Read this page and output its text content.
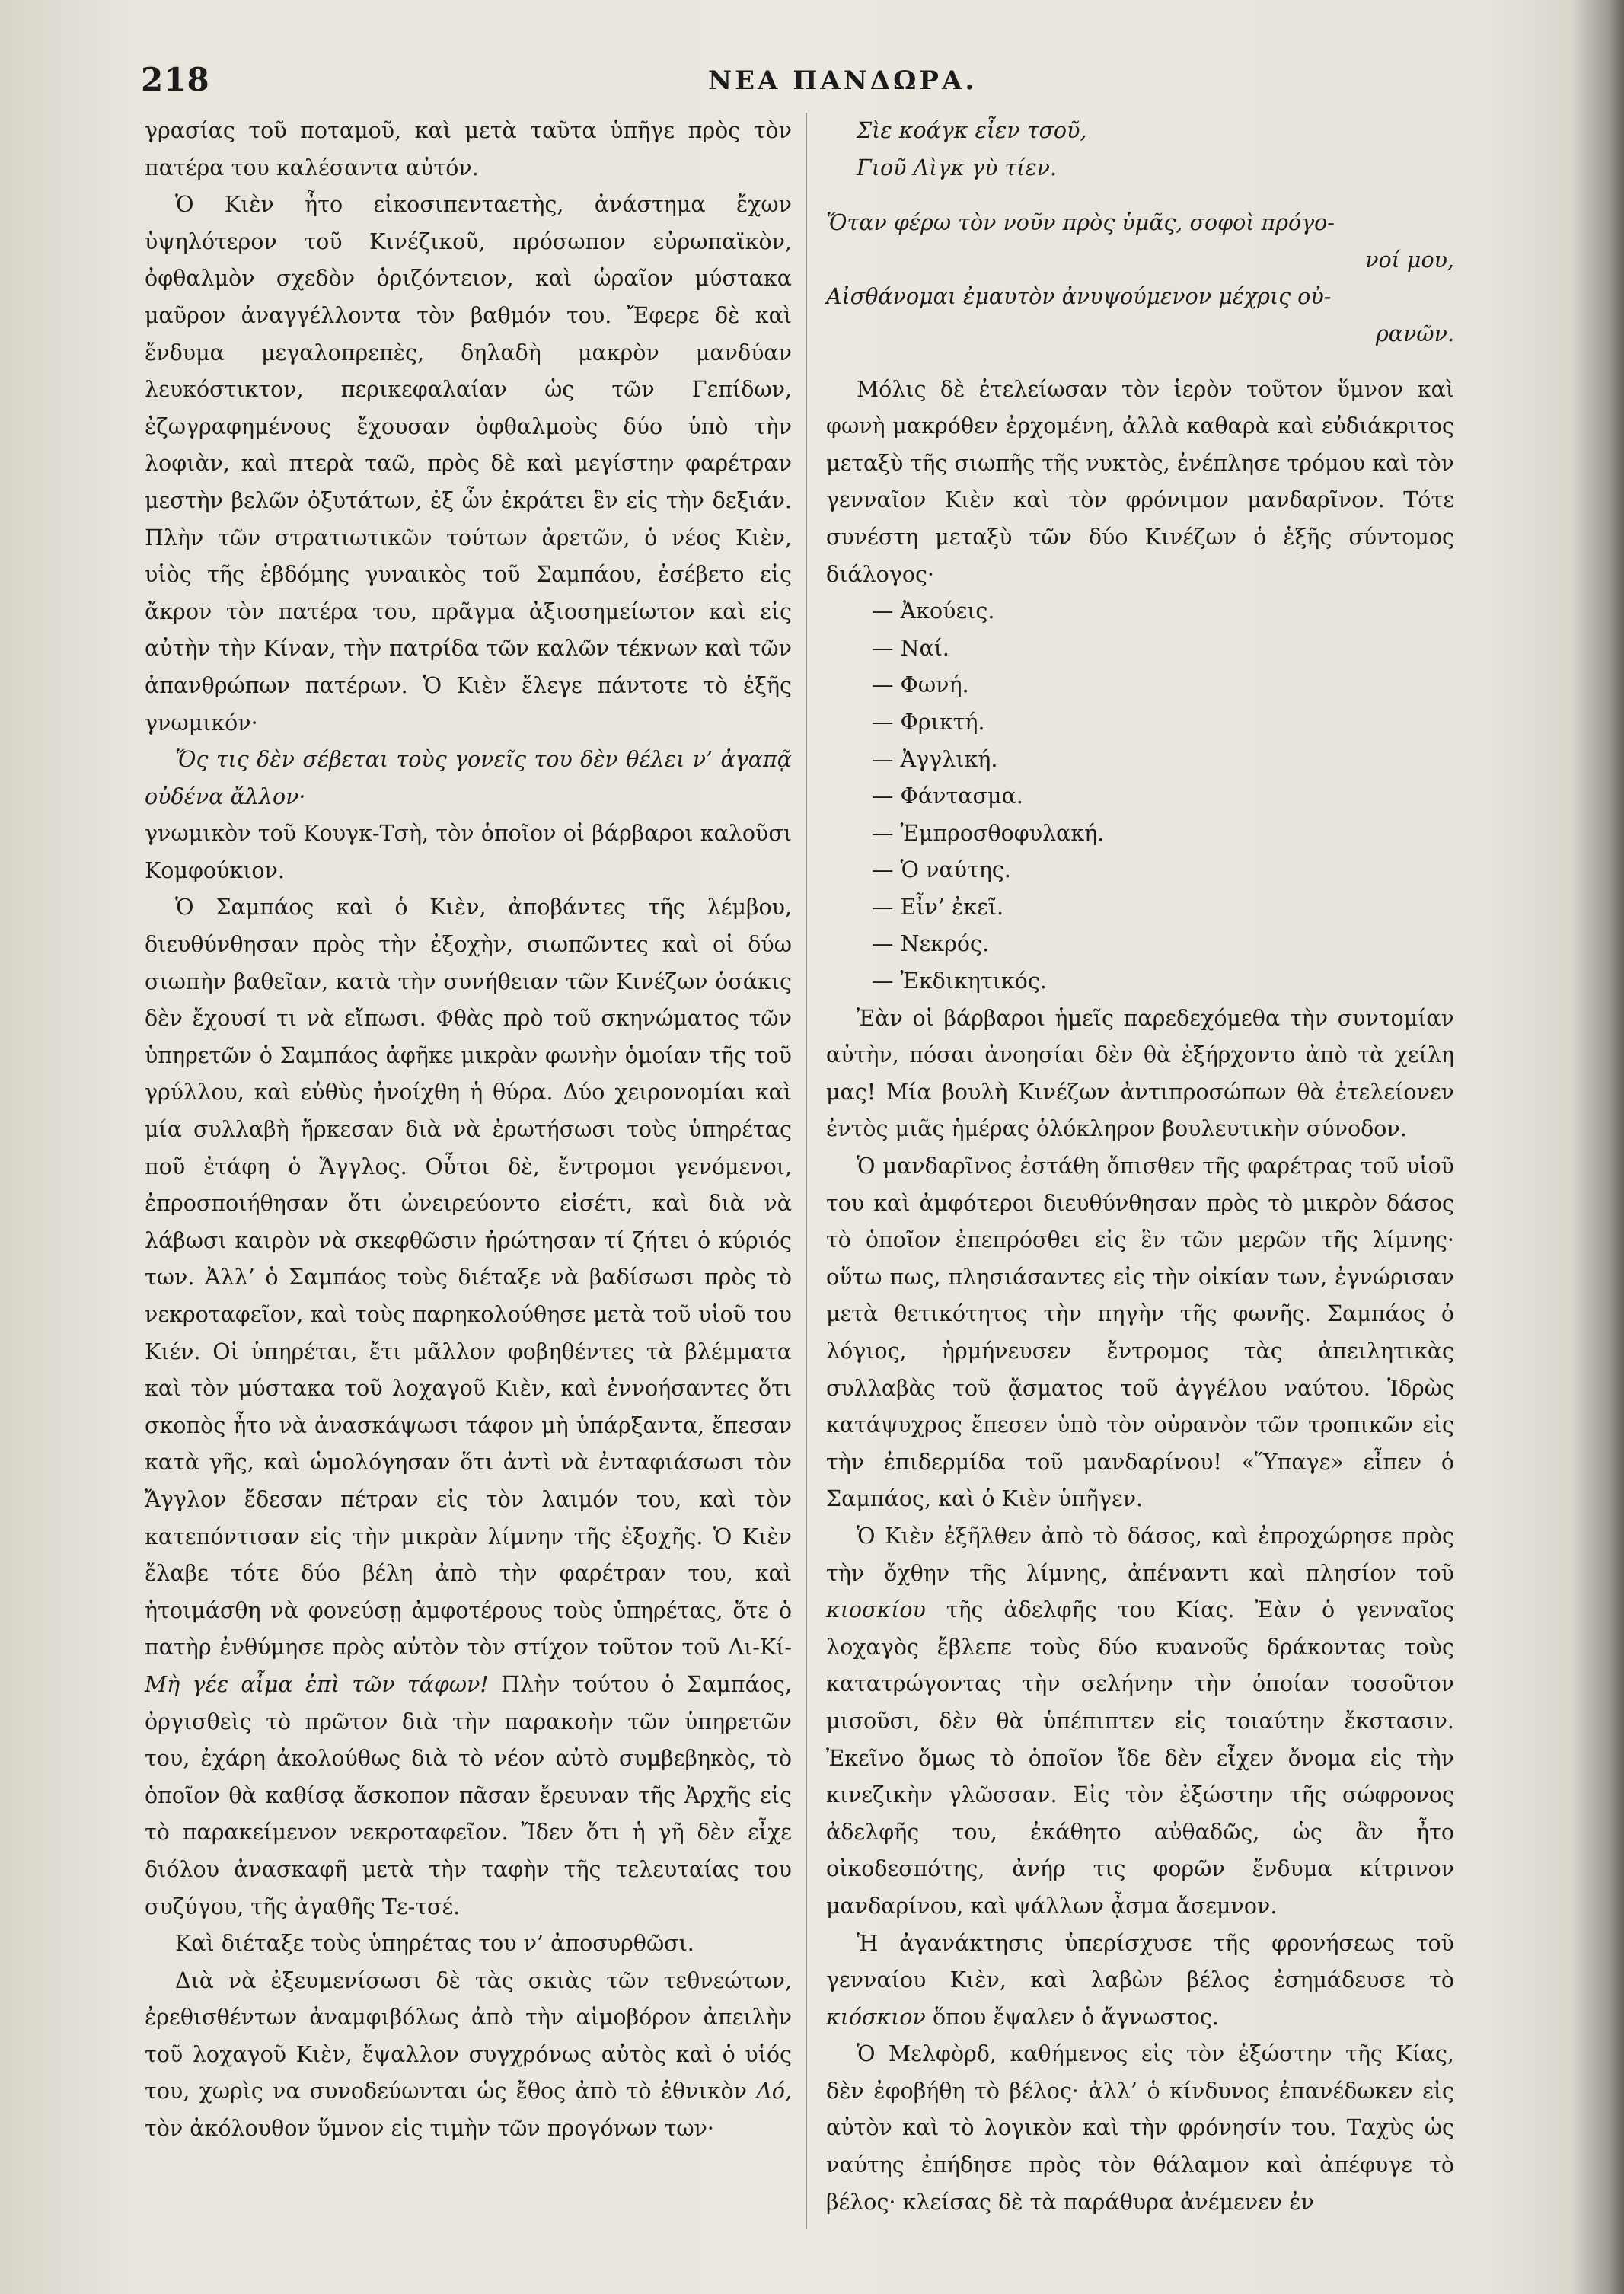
218	ΝΕΑ ΠΑΝΔΩΡΑ.

γρασίας τοῦ ποταμοῦ, καὶ μετὰ ταῦτα ὑπῆγε πρὸς τὸν πατέρα του καλέσαντα αὐτόν.

Ὁ Κιὲν ἦτο εἰκοσιπενταετὴς, ἀνάστημα ἔχων ὑψηλότερον τοῦ Κινέζικοῦ, πρόσωπον εὐρωπαϊκὸν, ὀφθαλμὸν σχεδὸν ὁριζόντειον, καὶ ὡραῖον μύστακα μαῦρον ἀναγγέλλοντα τὸν βαθμόν του. Ἔφερε δὲ καὶ ἔνδυμα μεγαλοπρεπὲς, δηλαδὴ μακρὸν μανδύαν λευκόστικτον, περικεφαλαίαν ὡς τῶν Γεπίδων, ἐζωγραφημένους ἔχουσαν ὀφθαλμοὺς δύο ὑπὸ τὴν λοφιὰν, καὶ πτερὰ ταῶ, πρὸς δὲ καὶ μεγίστην φαρέτραν μεστὴν βελῶν ὀξυτάτων, ἐξ ὧν ἐκράτει ἓν εἰς τὴν δεξιάν. Πλὴν τῶν στρατιωτικῶν τούτων ἀρετῶν, ὁ νέος Κιὲν, υἱὸς τῆς ἑβδόμης γυναικὸς τοῦ Σαμπάου, ἐσέβετο εἰς ἄκρον τὸν πατέρα του, πρᾶγμα ἀξιοσημείωτον καὶ εἰς αὐτὴν τὴν Κίναν, τὴν πατρίδα τῶν καλῶν τέκνων καὶ τῶν ἀπανθρώπων πατέρων. Ὁ Κιὲν ἔλεγε πάντοτε τὸ ἑξῆς γνωμικόν·

Ὅς τις δὲν σέβεται τοὺς γονεῖς του δὲν θέλει ν’ ἀγαπᾷ οὐδένα ἄλλον·

γνωμικὸν τοῦ Κουγκ-Τσὴ, τὸν ὁποῖον οἱ βάρβαροι καλοῦσι Κομφούκιον.

Ὁ Σαμπάος καὶ ὁ Κιὲν, ἀποβάντες τῆς λέμβου, διευθύνθησαν πρὸς τὴν ἐξοχὴν, σιωπῶντες καὶ οἱ δύω σιωπὴν βαθεῖαν, κατὰ τὴν συνήθειαν τῶν Κινέζων ὁσάκις δὲν ἔχουσί τι νὰ εἴπωσι. Φθὰς πρὸ τοῦ σκηνώματος τῶν ὑπηρετῶν ὁ Σαμπάος ἀφῆκε μικρὰν φωνὴν ὁμοίαν τῆς τοῦ γρύλλου, καὶ εὐθὺς ἠνοίχθη ἡ θύρα. Δύο χειρονομίαι καὶ μία συλλαβὴ ἤρκεσαν διὰ νὰ ἐρωτήσωσι τοὺς ὑπηρέτας ποῦ ἐτάφη ὁ Ἄγγλος. Οὗτοι δὲ, ἔντρομοι γενόμενοι, ἐπροσποιήθησαν ὅτι ὠνειρεύοντο εἰσέτι, καὶ διὰ νὰ λάβωσι καιρὸν νὰ σκεφθῶσιν ἠρώτησαν τί ζήτει ὁ κύριός των. Ἀλλ’ ὁ Σαμπάος τοὺς διέταξε νὰ βαδίσωσι πρὸς τὸ νεκροταφεῖον, καὶ τοὺς παρηκολούθησε μετὰ τοῦ υἱοῦ του Κιέν. Οἱ ὑπηρέται, ἔτι μᾶλλον φοβηθέντες τὰ βλέμματα καὶ τὸν μύστακα τοῦ λοχαγοῦ Κιὲν, καὶ ἐννοήσαντες ὅτι σκοπὸς ἦτο νὰ ἀνασκάψωσι τάφον μὴ ὑπάρξαντα, ἔπεσαν κατὰ γῆς, καὶ ὡμολόγησαν ὅτι ἀντὶ νὰ ἐνταφιάσωσι τὸν Ἄγγλον ἔδεσαν πέτραν εἰς τὸν λαιμόν του, καὶ τὸν κατεπόντισαν εἰς τὴν μικρὰν λίμνην τῆς ἐξοχῆς. Ὁ Κιὲν ἔλαβε τότε δύο βέλη ἀπὸ τὴν φαρέτραν του, καὶ ἡτοιμάσθη νὰ φονεύσῃ ἀμφοτέρους τοὺς ὑπηρέτας, ὅτε ὁ πατὴρ ἐνθύμησε πρὸς αὐτὸν τὸν στίχον τοῦτον τοῦ Λι-Κί- Μὴ γέε αἷμα ἐπὶ τῶν τάφων! Πλὴν τούτου ὁ Σαμπάος, ὀργισθεὶς τὸ πρῶτον διὰ τὴν παρακοὴν τῶν ὑπηρετῶν του, ἐχάρη ἀκολούθως διὰ τὸ νέον αὐτὸ συμβεβηκὸς, τὸ ὁποῖον θὰ καθίσᾳ ἄσκοπον πᾶσαν ἔρευναν τῆς Ἀρχῆς εἰς τὸ παρακείμενον νεκροταφεῖον. Ἴδεν ὅτι ἡ γῆ δὲν εἶχε διόλου ἀνασκαφῆ μετὰ τὴν ταφὴν τῆς τελευταίας του συζύγου, τῆς ἀγαθῆς Τε-τσέ.

Καὶ διέταξε τοὺς ὑπηρέτας του ν’ ἀποσυρθῶσι.

Διὰ νὰ ἐξευμενίσωσι δὲ τὰς σκιὰς τῶν τεθνεώτων, ἐρεθισθέντων ἀναμφιβόλως ἀπὸ τὴν αἱμοβόρον ἀπειλὴν τοῦ λοχαγοῦ Κιὲν, ἔψαλλον συγχρόνως αὐτὸς καὶ ὁ υἱός του, χωρὶς να συνοδεύωνται ὡς ἔθος ἀπὸ τὸ ἐθνικὸν Λό, τὸν ἀκόλουθον ὕμνον εἰς τιμὴν τῶν προγόνων των·

Σὶε κοάγκ εἶεν τσοῦ,

Γιοῦ Λὶγκ γὺ τίεν.

Ὅταν φέρω τὸν νοῦν πρὸς ὑμᾶς, σοφοὶ πρόγο-

νοί μου,

Αἰσθάνομαι ἐμαυτὸν ἀνυψούμενον μέχρις οὐ-

ρανῶν.

Μόλις δὲ ἐτελείωσαν τὸν ἱερὸν τοῦτον ὕμνον καὶ φωνὴ μακρόθεν ἐρχομένη, ἀλλὰ καθαρὰ καὶ εὐδιάκριτος μεταξὺ τῆς σιωπῆς τῆς νυκτὸς, ἐνέπλησε τρόμου καὶ τὸν γενναῖον Κιὲν καὶ τὸν φρόνιμον μανδαρῖνον. Τότε συνέστη μεταξὺ τῶν δύο Κινέζων ὁ ἑξῆς σύντομος διάλογος·

— Ἀκούεις.

— Ναί.

— Φωνή.

— Φρικτή.

— Ἀγγλική.

— Φάντασμα.

— Ἐμπροσθοφυλακή.

— Ὁ ναύτης.

— Εἶν’ ἐκεῖ.

— Νεκρός.

— Ἐκδικητικός.

Ἐὰν οἱ βάρβαροι ἡμεῖς παρεδεχόμεθα τὴν συντομίαν αὐτὴν, πόσαι ἀνοησίαι δὲν θὰ ἐξήρχοντο ἀπὸ τὰ χείλη μας! Μία βουλὴ Κινέζων ἀντιπροσώπων θὰ ἐτελείονεν ἐντὸς μιᾶς ἡμέρας ὁλόκληρον βουλευτικὴν σύνοδον.

Ὁ μανδαρῖνος ἐστάθη ὄπισθεν τῆς φαρέτρας τοῦ υἱοῦ του καὶ ἀμφότεροι διευθύνθησαν πρὸς τὸ μικρὸν δάσος τὸ ὁποῖον ἐπεπρόσθει εἰς ἓν τῶν μερῶν τῆς λίμνης· οὕτω πως, πλησιάσαντες εἰς τὴν οἰκίαν των, ἐγνώρισαν μετὰ θετικότητος τὴν πηγὴν τῆς φωνῆς. Σαμπάος ὁ λόγιος, ἡρμήνευσεν ἔντρομος τὰς ἀπειλητικὰς συλλαβὰς τοῦ ᾄσματος τοῦ ἀγγέλου ναύτου. Ἱδρὼς κατάψυχρος ἔπεσεν ὑπὸ τὸν οὐρανὸν τῶν τροπικῶν εἰς τὴν ἐπιδερμίδα τοῦ μανδαρίνου! «Ὕπαγε» εἶπεν ὁ Σαμπάος, καὶ ὁ Κιὲν ὑπῆγεν.

Ὁ Κιὲν ἐξῆλθεν ἀπὸ τὸ δάσος, καὶ ἐπροχώρησε πρὸς τὴν ὄχθην τῆς λίμνης, ἀπέναντι καὶ πλησίον τοῦ κιοσκίου τῆς ἀδελφῆς του Κίας. Ἐὰν ὁ γενναῖος λοχαγὸς ἔβλεπε τοὺς δύο κυανοῦς δράκοντας τοὺς κατατρώγοντας τὴν σελήνην τὴν ὁποίαν τοσοῦτον μισοῦσι, δὲν θὰ ὑπέπιπτεν εἰς τοιαύτην ἔκστασιν. Ἐκεῖνο ὅμως τὸ ὁποῖον ἴδε δὲν εἶχεν ὄνομα εἰς τὴν κινεζικὴν γλῶσσαν. Εἰς τὸν ἐξώστην τῆς σώφρονος ἀδελφῆς του, ἐκάθητο αὐθαδῶς, ὡς ἂν ἦτο οἰκοδεσπότης, ἀνήρ τις φορῶν ἔνδυμα κίτρινον μανδαρίνου, καὶ ψάλλων ᾆσμα ἄσεμνον.

Ἡ ἀγανάκτησις ὑπερίσχυσε τῆς φρονήσεως τοῦ γενναίου Κιὲν, καὶ λαβὼν βέλος ἐσημάδευσε τὸ κιόσκιον ὅπου ἔψαλεν ὁ ἄγνωστος.

Ὁ Μελφὸρδ, καθήμενος εἰς τὸν ἐξώστην τῆς Κίας, δὲν ἐφοβήθη τὸ βέλος· ἀλλ’ ὁ κίνδυνος ἐπανέδωκεν εἰς αὐτὸν καὶ τὸ λογικὸν καὶ τὴν φρόνησίν του. Ταχὺς ὡς ναύτης ἐπήδησε πρὸς τὸν θάλαμον καὶ ἀπέφυγε τὸ βέλος· κλείσας δὲ τὰ παράθυρα ἀνέμενεν ἐν
